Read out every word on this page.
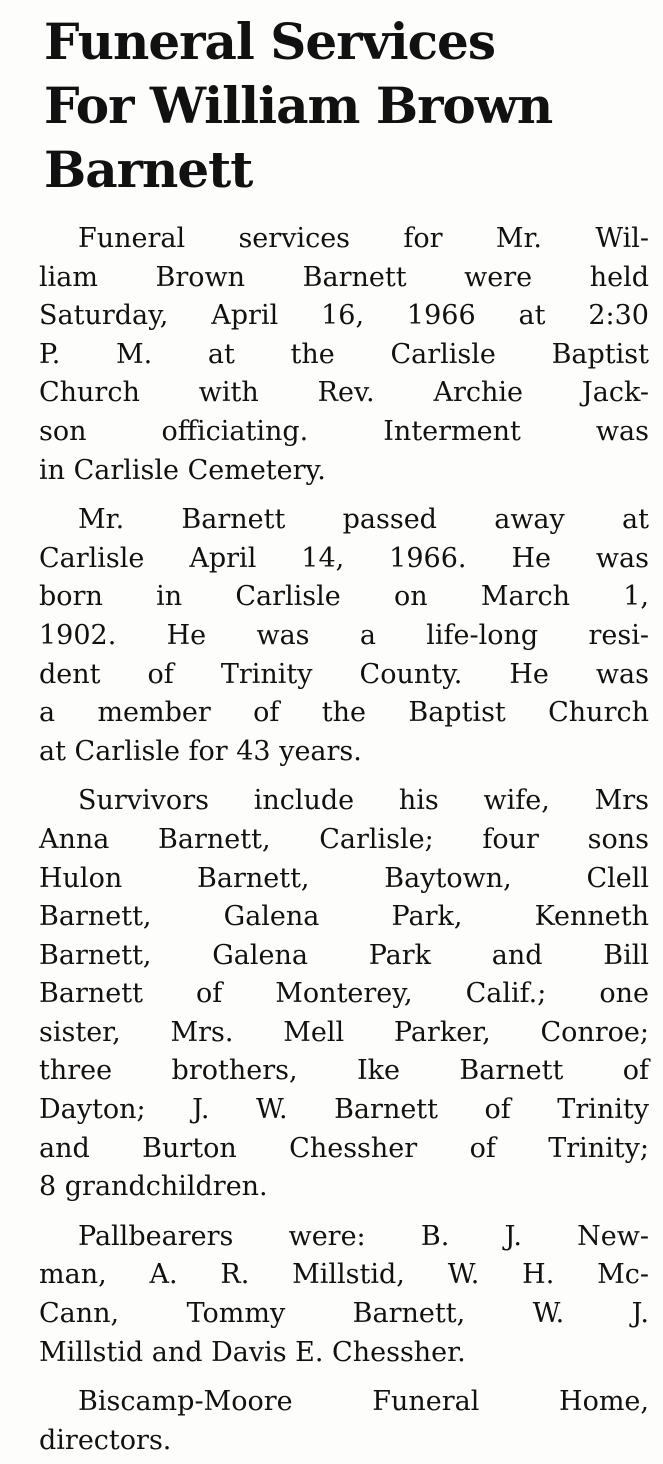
Funeral Services
For William Brown
Barnett

Funeral services for Mr. Wil-
liam Brown Barnett were held
Saturday, April 16, 1966 at 2:30
P. M. at the Carlisle Baptist
Church with Rev. Archie Jack-
son officiating. Interment was
in Carlisle Cemetery.

Mr. Barnett passed away at
Carlisle April 14, 1966. He was
born in Carlisle on March 1,
1902. He was a life-long resi-
dent of Trinity County. He was
a member of the Baptist Church
at Carlisle for 43 years.

Survivors include his wife, Mrs
Anna Barnett, Carlisle; four sons
Hulon Barnett, Baytown, Clell
Barnett, Galena Park, Kenneth
Barnett, Galena Park and Bill
Barnett of Monterey, Calif.; one
sister, Mrs. Mell Parker, Conroe;
three brothers, Ike Barnett of
Dayton; J. W. Barnett of Trinity
and Burton Chessher of Trinity;
8 grandchildren.

Pallbearers were: B. J. New-
man, A. R. Millstid, W. H. Mc-
Cann, Tommy Barnett, W. J.
Millstid and Davis E. Chessher.

Biscamp-Moore Funeral Home,
directors.
